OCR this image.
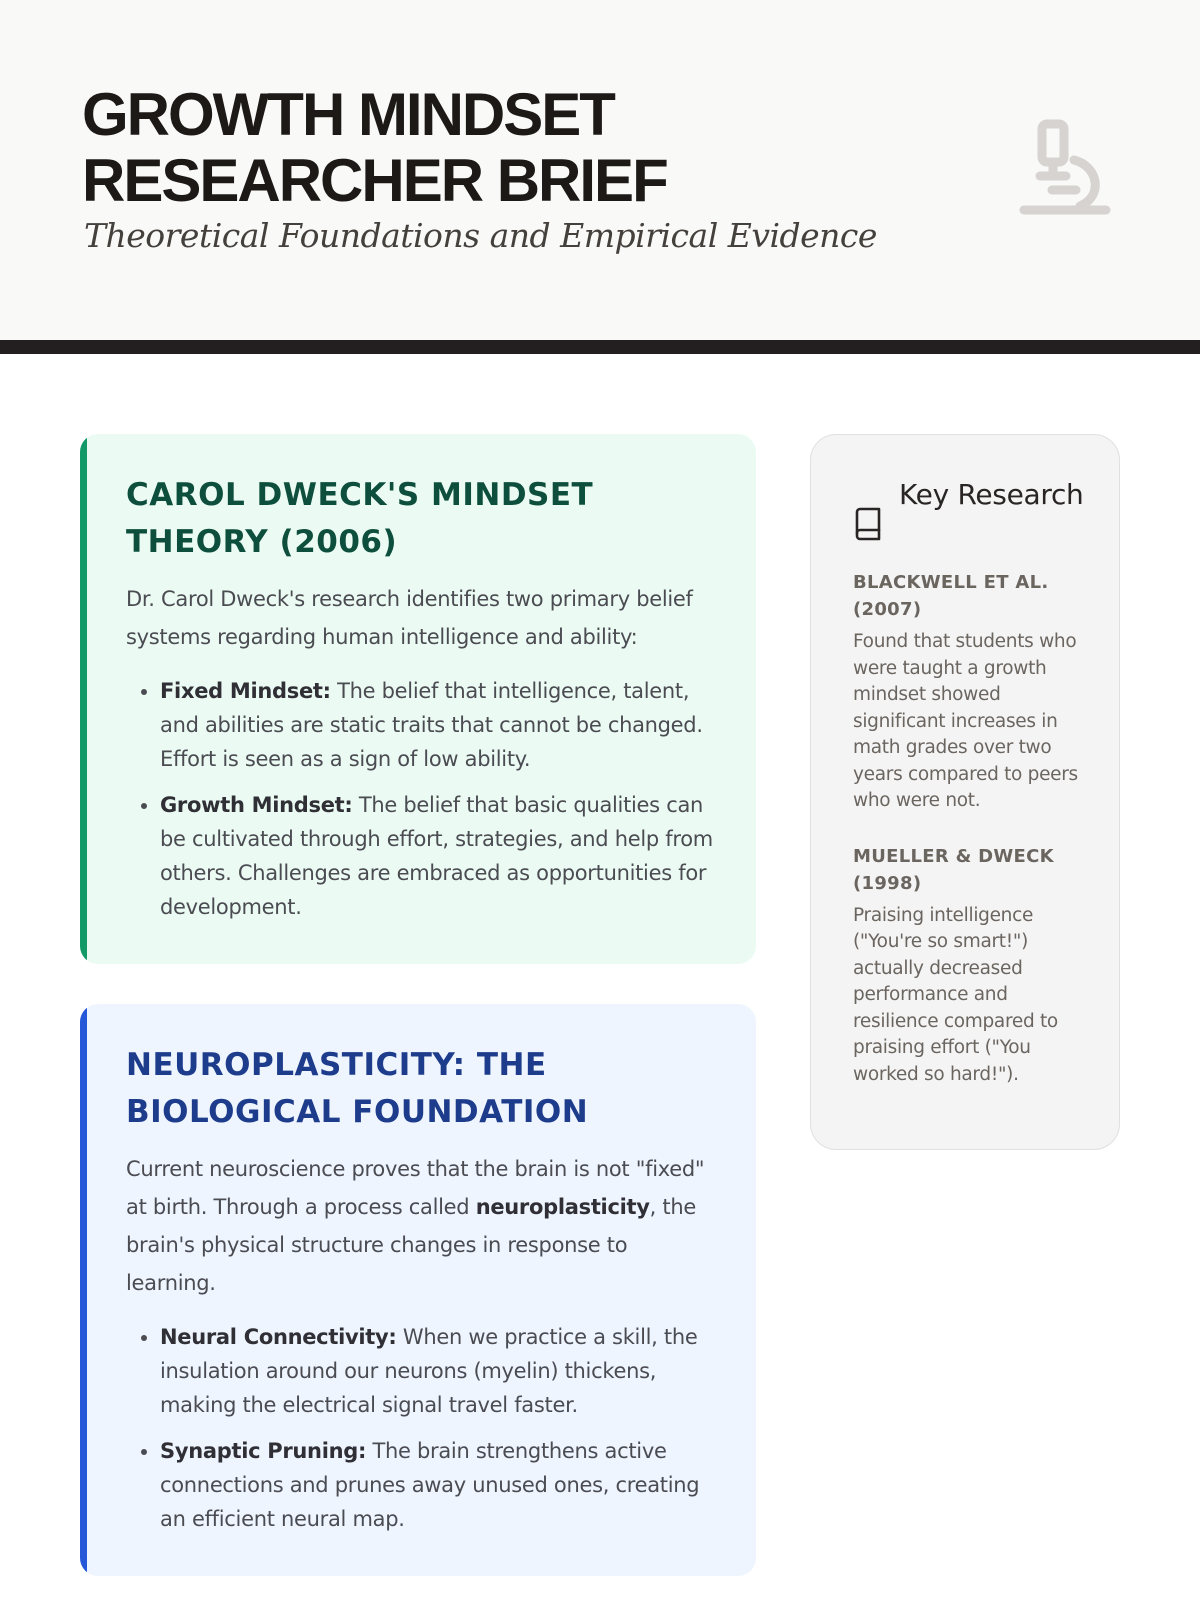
GROWTH MINDSET
RESEARCHER BRIEF

Theoretical Foundations and Empirical Evidence

CAROL DWECK'S MINDSET
THEORY (2006)

Dr. Carol Dweck's research identifies two primary belief systems regarding human intelligence and ability:

• Fixed Mindset: The belief that intelligence, talent, and abilities are static traits that cannot be changed. Effort is seen as a sign of low ability.
• Growth Mindset: The belief that basic qualities can be cultivated through effort, strategies, and help from others. Challenges are embraced as opportunities for development.
NEUROPLASTICITY: THE
BIOLOGICAL FOUNDATION

Current neuroscience proves that the brain is not "fixed" at birth. Through a process called neuroplasticity, the brain's physical structure changes in response to learning.

• Neural Connectivity: When we practice a skill, the insulation around our neurons (myelin) thickens, making the electrical signal travel faster.
• Synaptic Pruning: The brain strengthens active connections and prunes away unused ones, creating an efficient neural map.
Key Research

BLACKWELL ET AL. (2007)

Found that students who were taught a growth mindset showed significant increases in math grades over two years compared to peers who were not.

MUELLER & DWECK (1998)

Praising intelligence ("You're so smart!") actually decreased performance and resilience compared to praising effort ("You worked so hard!").
